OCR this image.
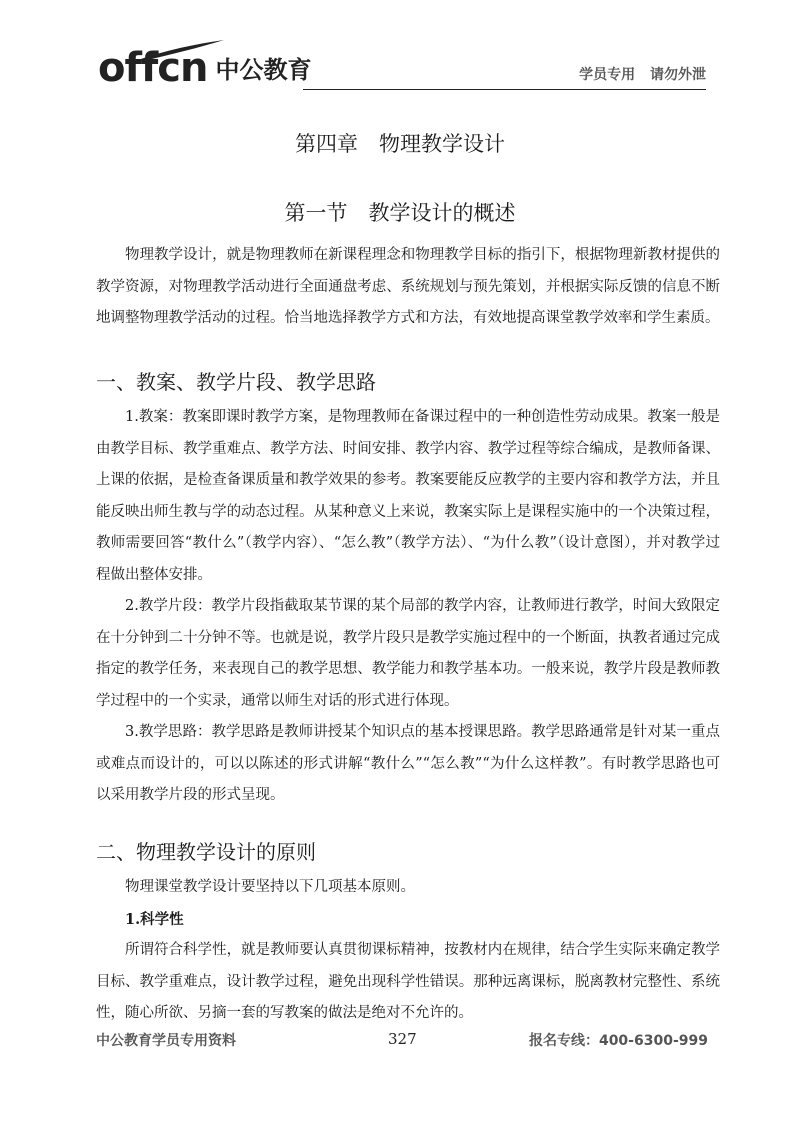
offcn 中公教育	学员专用 请勿外泄
第四章　物理教学设计
第一节　教学设计的概述

物理教学设计，就是物理教师在新课程理念和物理教学目标的指引下，根据物理新教材提供的教学资源，对物理教学活动进行全面通盘考虑、系统规划与预先策划，并根据实际反馈的信息不断地调整物理教学活动的过程。恰当地选择教学方式和方法，有效地提高课堂教学效率和学生素质。

一、教案、教学片段、教学思路

1.教案：教案即课时教学方案，是物理教师在备课过程中的一种创造性劳动成果。教案一般是由教学目标、教学重难点、教学方法、时间安排、教学内容、教学过程等综合编成，是教师备课、上课的依据，是检查备课质量和教学效果的参考。教案要能反应教学的主要内容和教学方法，并且能反映出师生教与学的动态过程。从某种意义上来说，教案实际上是课程实施中的一个决策过程，教师需要回答“教什么”（教学内容）、“怎么教”（教学方法）、“为什么教”（设计意图），并对教学过程做出整体安排。

2.教学片段：教学片段指截取某节课的某个局部的教学内容，让教师进行教学，时间大致限定在十分钟到二十分钟不等。也就是说，教学片段只是教学实施过程中的一个断面，执教者通过完成指定的教学任务，来表现自己的教学思想、教学能力和教学基本功。一般来说，教学片段是教师教学过程中的一个实录，通常以师生对话的形式进行体现。

3.教学思路：教学思路是教师讲授某个知识点的基本授课思路。教学思路通常是针对某一重点或难点而设计的，可以以陈述的形式讲解“教什么”“怎么教”“为什么这样教”。有时教学思路也可以采用教学片段的形式呈现。

二、物理教学设计的原则

物理课堂教学设计要坚持以下几项基本原则。

1.科学性

所谓符合科学性，就是教师要认真贯彻课标精神，按教材内在规律，结合学生实际来确定教学目标、教学重难点，设计教学过程，避免出现科学性错误。那种远离课标，脱离教材完整性、系统性，随心所欲、另摘一套的写教案的做法是绝对不允许的。

中公教育学员专用资料	327	报名专线：400-6300-999
